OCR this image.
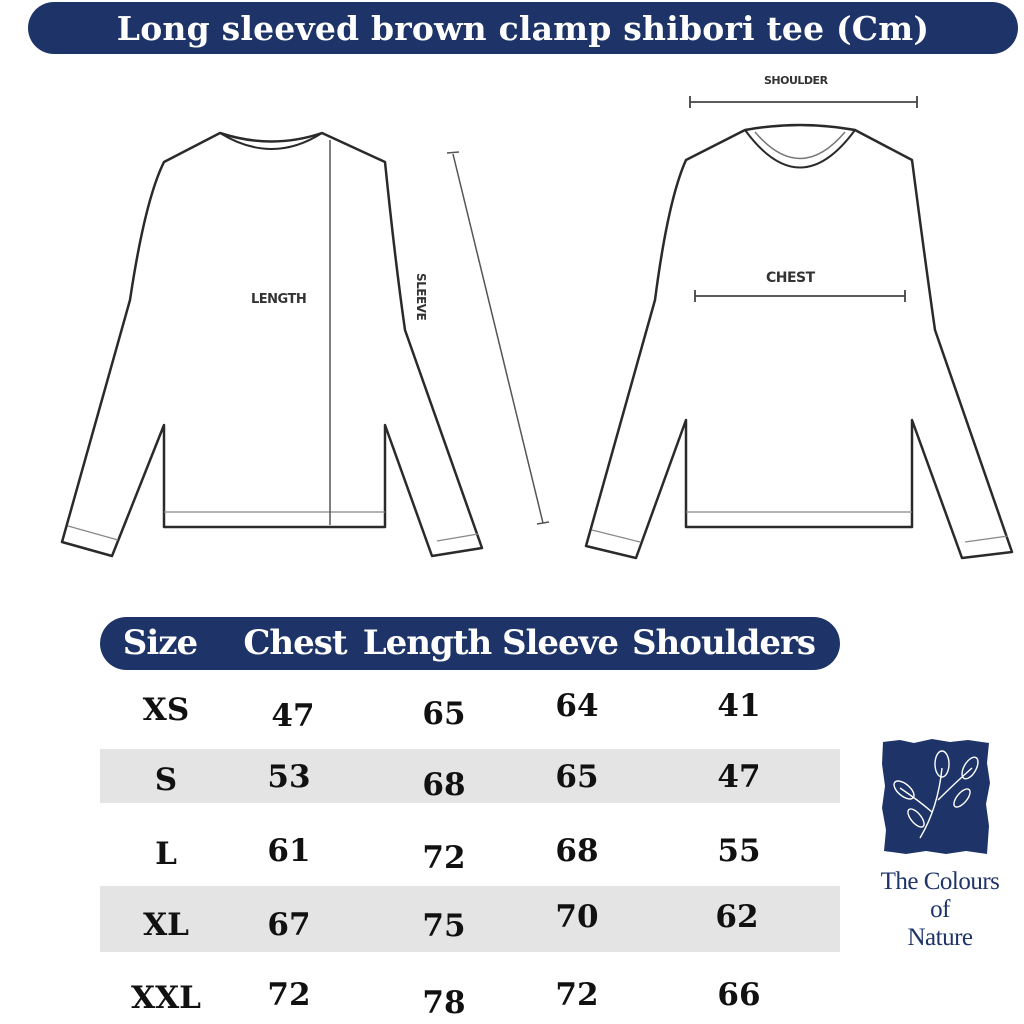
Long sleeved brown clamp shibori tee (Cm)
LENGTH	SLEEVE
SHOULDER
CHEST
Size	Chest Length Sleeve Shoulders
XS	47	65	64	41
S	53	68	65	47
L	61	72	68	55
XL	67	75	70	62
XXL	72	78	72	66
The Colours
of
Nature
